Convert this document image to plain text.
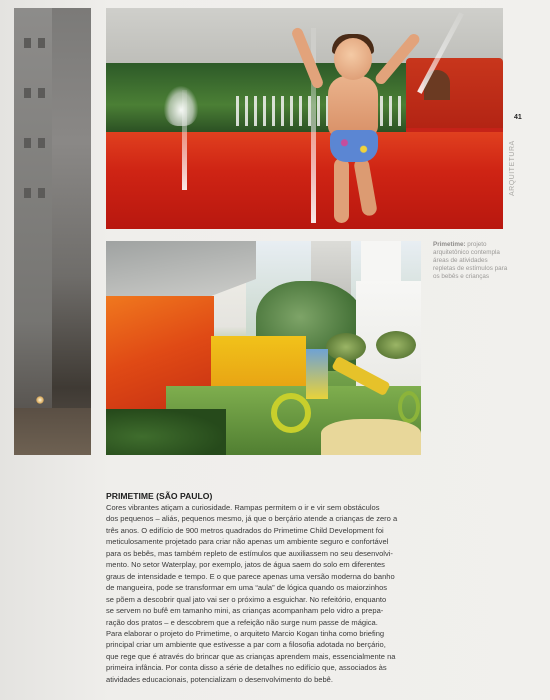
41
ARQUITETURA
Primetime: projeto arquitetônico contempla áreas de atividades repletas de estímulos para os bebês e crianças
PRIMETIME (SÃO PAULO)
Cores vibrantes atiçam a curiosidade. Rampas permitem o ir e vir sem obstáculos
dos pequenos – aliás, pequenos mesmo, já que o berçário atende a crianças de zero a
três anos. O edifício de 900 metros quadrados do Primetime Child Development foi
meticulosamente projetado para criar não apenas um ambiente seguro e confortável
para os bebês, mas também repleto de estímulos que auxiliassem no seu desenvolvi-
mento. No setor Waterplay, por exemplo, jatos de água saem do solo em diferentes
graus de intensidade e tempo. E o que parece apenas uma versão moderna do banho
de mangueira, pode se transformar em uma “aula” de lógica quando os maiorzinhos
se põem a descobrir qual jato vai ser o próximo a esguichar. No refeitório, enquanto
se servem no bufê em tamanho mini, as crianças acompanham pelo vidro a prepa-
ração dos pratos – e descobrem que a refeição não surge num passe de mágica.
Para elaborar o projeto do Primetime, o arquiteto Marcio Kogan tinha como briefing
principal criar um ambiente que estivesse a par com a filosofia adotada no berçário,
que rege que é através do brincar que as crianças aprendem mais, essencialmente na
primeira infância. Por conta disso a série de detalhes no edifício que, associados às
atividades educacionais, potencializam o desenvolvimento do bebê.
